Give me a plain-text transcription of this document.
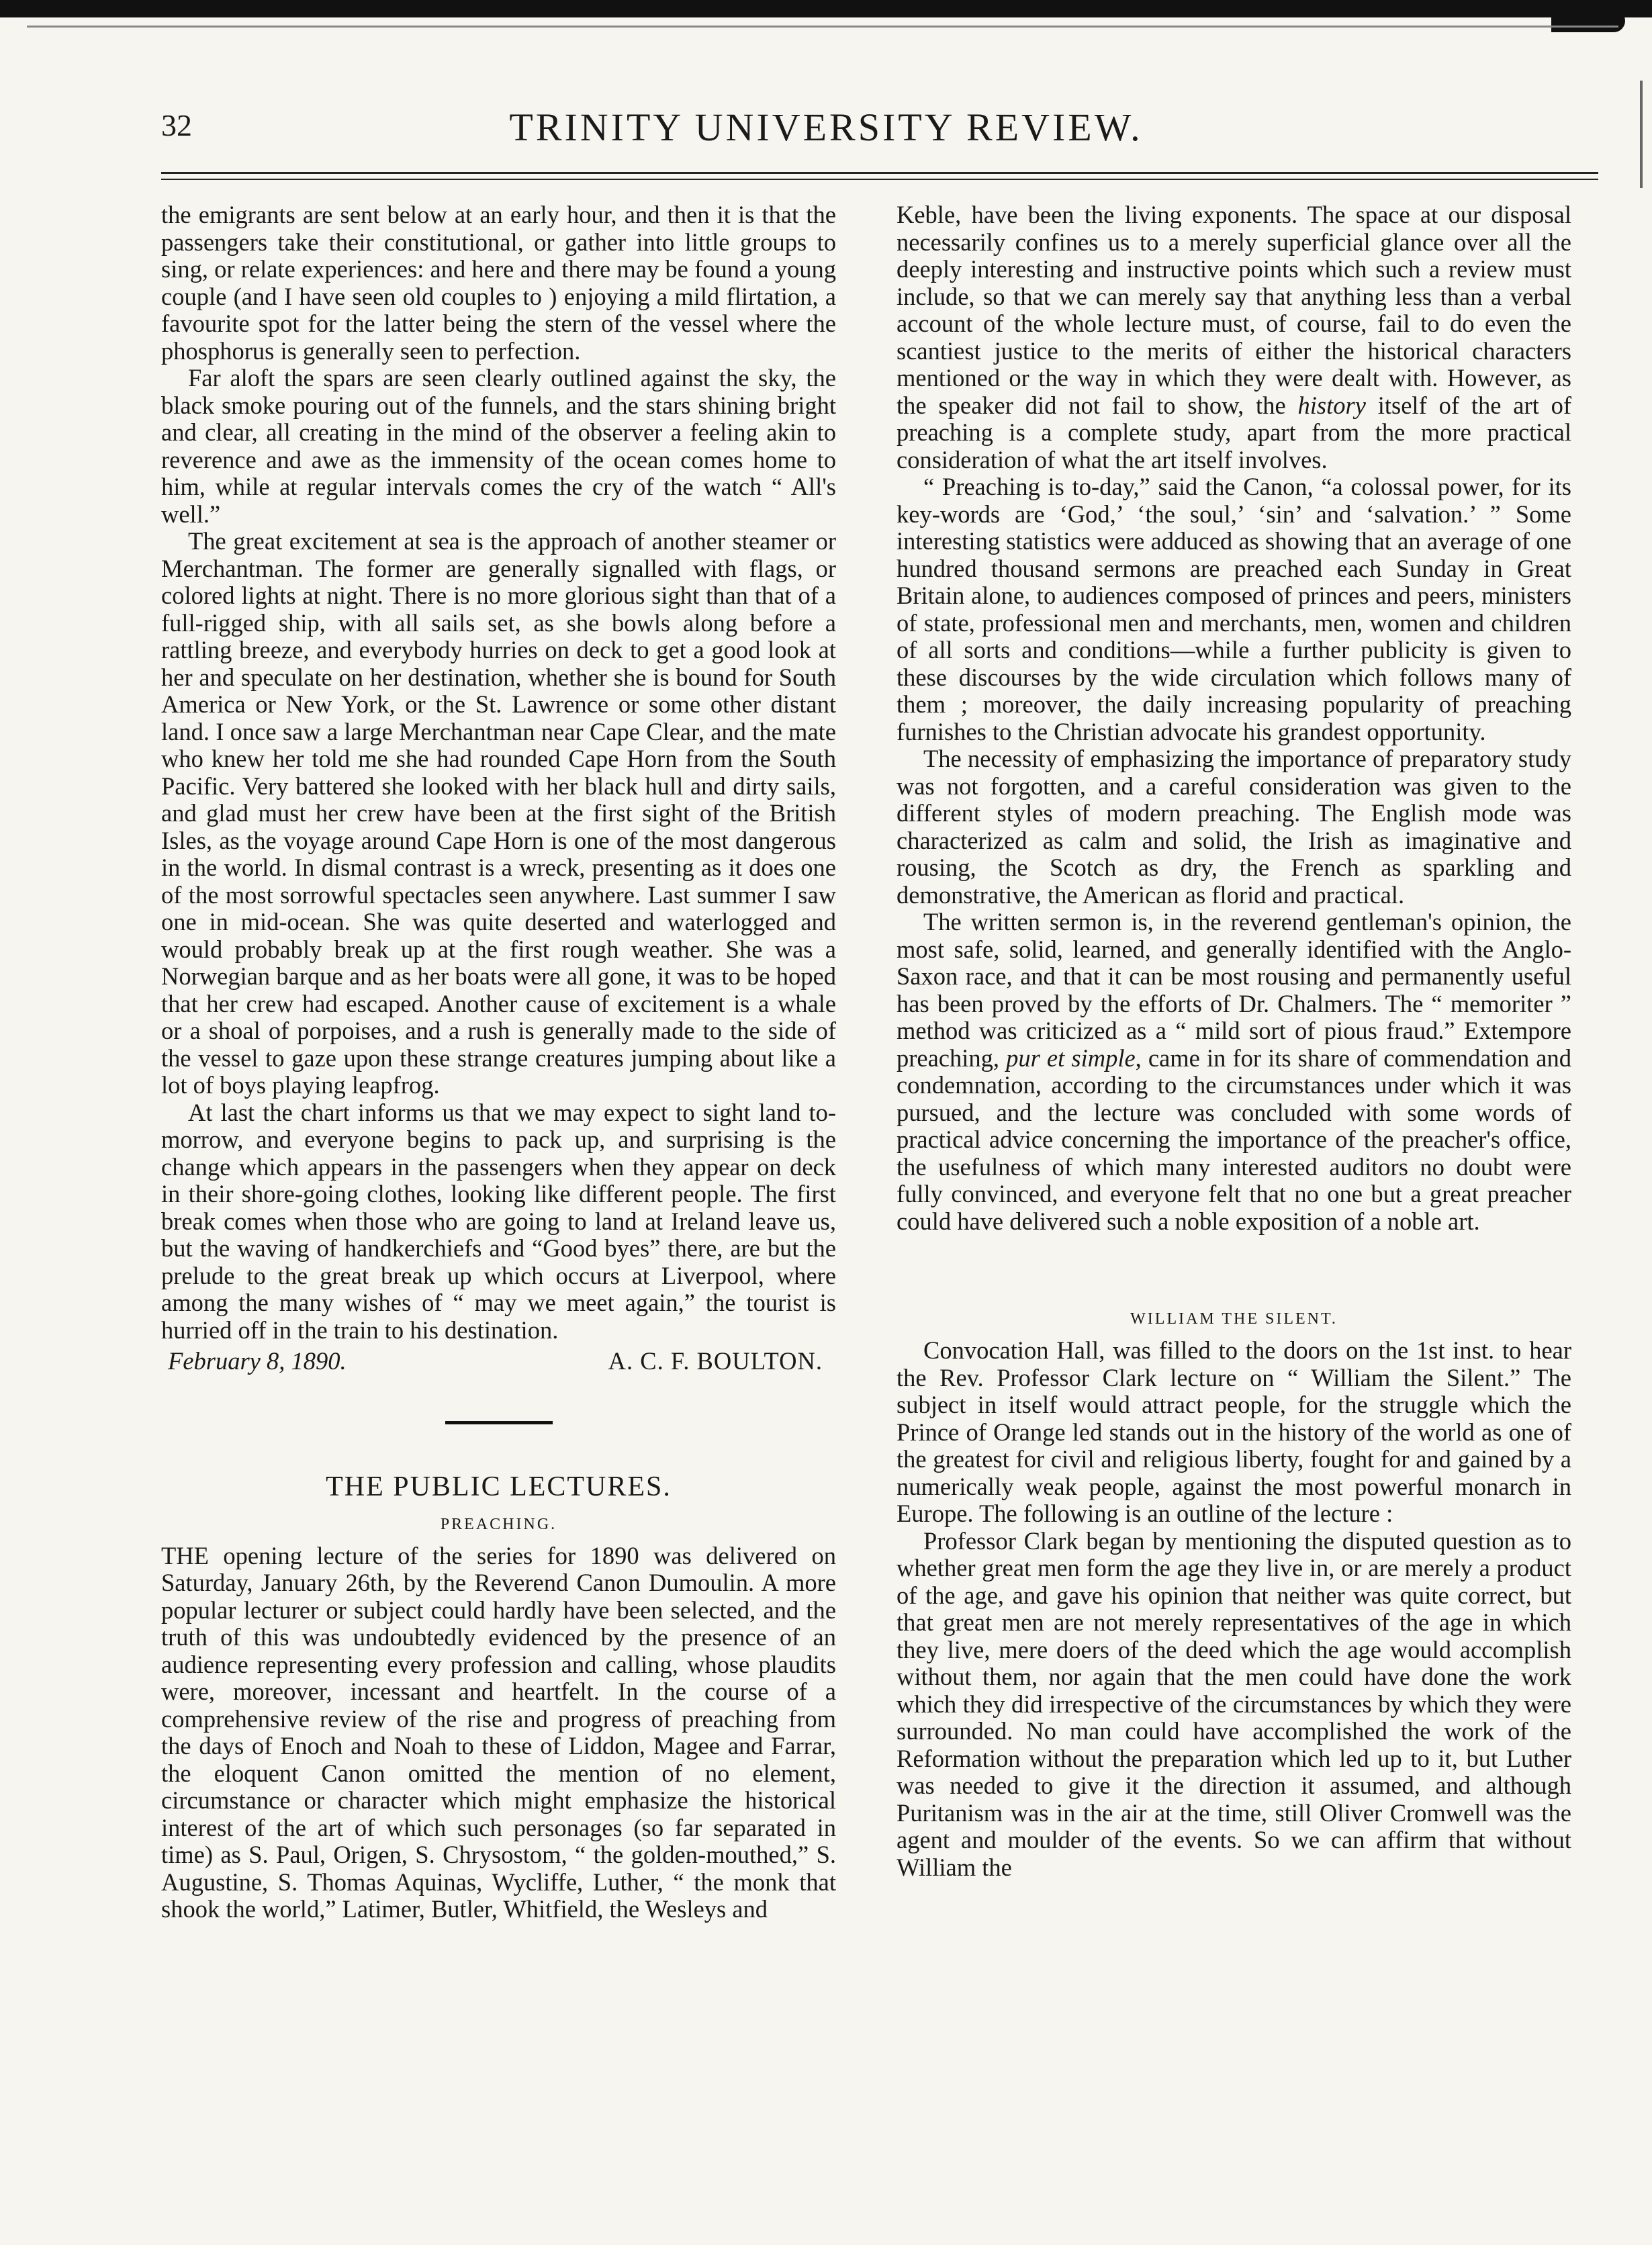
32	TRINITY UNIVERSITY REVIEW.

the emigrants are sent below at an early hour, and then it is that the passengers take their constitutional, or gather into little groups to sing, or relate experiences: and here and there may be found a young couple (and I have seen old couples to ) enjoying a mild flirtation, a favourite spot for the latter being the stern of the vessel where the phosphorus is generally seen to perfection.

Far aloft the spars are seen clearly outlined against the sky, the black smoke pouring out of the funnels, and the stars shining bright and clear, all creating in the mind of the observer a feeling akin to reverence and awe as the immensity of the ocean comes home to him, while at regular intervals comes the cry of the watch “ All's well.”

The great excitement at sea is the approach of another steamer or Merchantman. The former are generally signalled with flags, or colored lights at night. There is no more glorious sight than that of a full-rigged ship, with all sails set, as she bowls along before a rattling breeze, and everybody hurries on deck to get a good look at her and speculate on her destination, whether she is bound for South America or New York, or the St. Lawrence or some other distant land. I once saw a large Merchantman near Cape Clear, and the mate who knew her told me she had rounded Cape Horn from the South Pacific. Very battered she looked with her black hull and dirty sails, and glad must her crew have been at the first sight of the British Isles, as the voyage around Cape Horn is one of the most dangerous in the world. In dismal contrast is a wreck, presenting as it does one of the most sorrowful spectacles seen anywhere. Last summer I saw one in mid-ocean. She was quite deserted and waterlogged and would probably break up at the first rough weather. She was a Norwegian barque and as her boats were all gone, it was to be hoped that her crew had escaped. Another cause of excitement is a whale or a shoal of porpoises, and a rush is generally made to the side of the vessel to gaze upon these strange creatures jumping about like a lot of boys playing leapfrog.

At last the chart informs us that we may expect to sight land to-morrow, and everyone begins to pack up, and surprising is the change which appears in the passengers when they appear on deck in their shore-going clothes, looking like different people. The first break comes when those who are going to land at Ireland leave us, but the waving of handkerchiefs and “Good byes” there, are but the prelude to the great break up which occurs at Liverpool, where among the many wishes of “ may we meet again,” the tourist is hurried off in the train to his destination.

February 8, 1890.	A. C. F. BOULTON.
THE PUBLIC LECTURES.
PREACHING.

THE opening lecture of the series for 1890 was delivered on Saturday, January 26th, by the Reverend Canon Dumoulin. A more popular lecturer or subject could hardly have been selected, and the truth of this was undoubtedly evidenced by the presence of an audience representing every profession and calling, whose plaudits were, moreover, incessant and heartfelt. In the course of a comprehensive review of the rise and progress of preaching from the days of Enoch and Noah to these of Liddon, Magee and Farrar, the eloquent Canon omitted the mention of no element, circumstance or character which might emphasize the historical interest of the art of which such personages (so far separated in time) as S. Paul, Origen, S. Chrysostom, “ the golden-mouthed,” S. Augustine, S. Thomas Aquinas, Wycliffe, Luther, “ the monk that shook the world,” Latimer, Butler, Whitfield, the Wesleys and

Keble, have been the living exponents. The space at our disposal necessarily confines us to a merely superficial glance over all the deeply interesting and instructive points which such a review must include, so that we can merely say that anything less than a verbal account of the whole lecture must, of course, fail to do even the scantiest justice to the merits of either the historical characters mentioned or the way in which they were dealt with. However, as the speaker did not fail to show, the history itself of the art of preaching is a complete study, apart from the more practical consideration of what the art itself involves.

“ Preaching is to-day,” said the Canon, “a colossal power, for its key-words are ‘God,’ ‘the soul,’ ‘sin’ and ‘salvation.’ ” Some interesting statistics were adduced as showing that an average of one hundred thousand sermons are preached each Sunday in Great Britain alone, to audiences composed of princes and peers, ministers of state, professional men and merchants, men, women and children of all sorts and conditions—while a further publicity is given to these discourses by the wide circulation which follows many of them ; moreover, the daily increasing popularity of preaching furnishes to the Christian advocate his grandest opportunity.

The necessity of emphasizing the importance of preparatory study was not forgotten, and a careful consideration was given to the different styles of modern preaching. The English mode was characterized as calm and solid, the Irish as imaginative and rousing, the Scotch as dry, the French as sparkling and demonstrative, the American as florid and practical.

The written sermon is, in the reverend gentleman's opinion, the most safe, solid, learned, and generally identified with the Anglo-Saxon race, and that it can be most rousing and permanently useful has been proved by the efforts of Dr. Chalmers. The “ memoriter ” method was criticized as a “ mild sort of pious fraud.” Extempore preaching, pur et simple, came in for its share of commendation and condemnation, according to the circumstances under which it was pursued, and the lecture was concluded with some words of practical advice concerning the importance of the preacher's office, the usefulness of which many interested auditors no doubt were fully convinced, and everyone felt that no one but a great preacher could have delivered such a noble exposition of a noble art.

WILLIAM THE SILENT.

Convocation Hall, was filled to the doors on the 1st inst. to hear the Rev. Professor Clark lecture on “ William the Silent.” The subject in itself would attract people, for the struggle which the Prince of Orange led stands out in the history of the world as one of the greatest for civil and religious liberty, fought for and gained by a numerically weak people, against the most powerful monarch in Europe. The following is an outline of the lecture :

Professor Clark began by mentioning the disputed question as to whether great men form the age they live in, or are merely a product of the age, and gave his opinion that neither was quite correct, but that great men are not merely representatives of the age in which they live, mere doers of the deed which the age would accomplish without them, nor again that the men could have done the work which they did irrespective of the circumstances by which they were surrounded. No man could have accomplished the work of the Reformation without the preparation which led up to it, but Luther was needed to give it the direction it assumed, and although Puritanism was in the air at the time, still Oliver Cromwell was the agent and moulder of the events. So we can affirm that without William the
